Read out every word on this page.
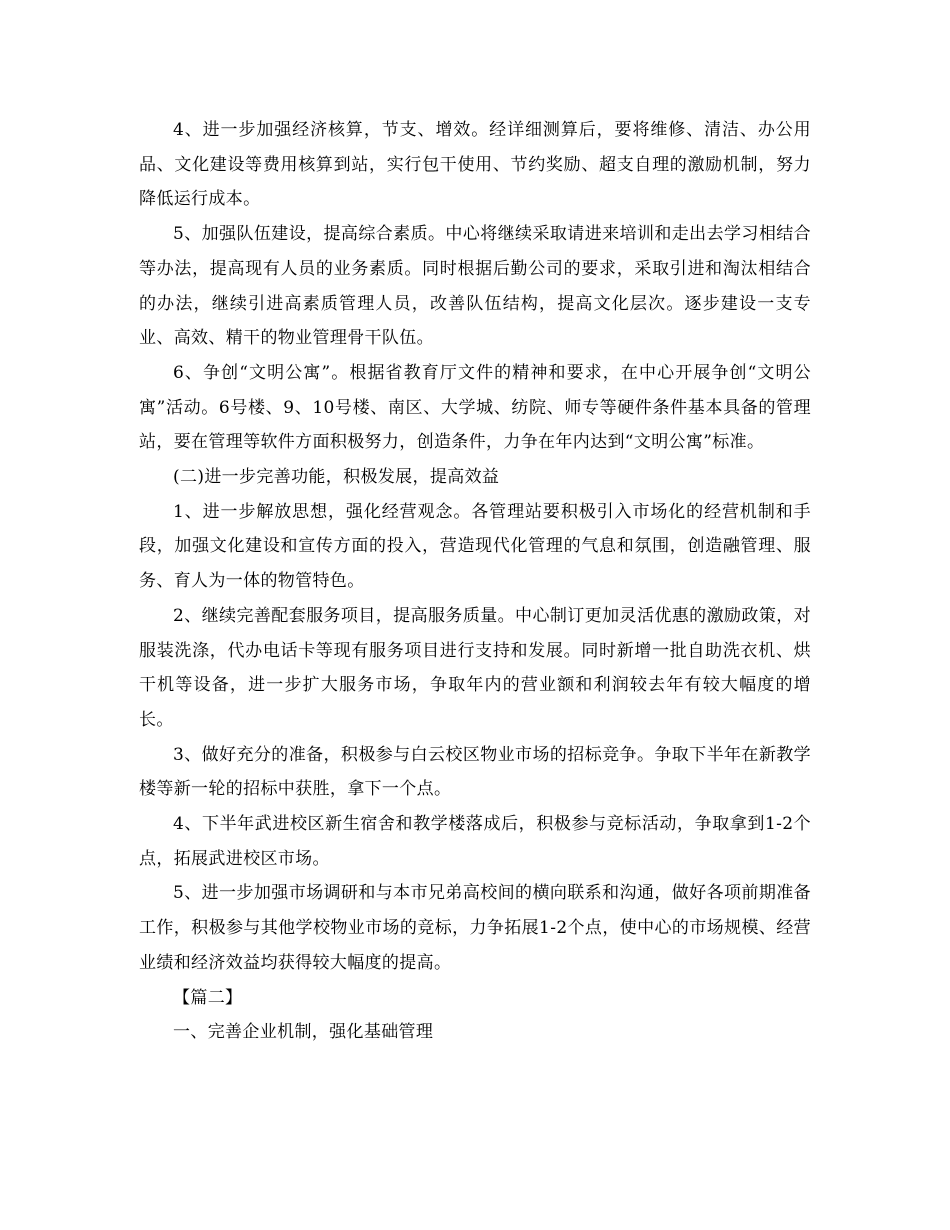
4、进一步加强经济核算，节支、增效。经详细测算后，要将维修、清洁、办公用品、文化建设等费用核算到站，实行包干使用、节约奖励、超支自理的激励机制，努力降低运行成本。

5、加强队伍建设，提高综合素质。中心将继续采取请进来培训和走出去学习相结合等办法，提高现有人员的业务素质。同时根据后勤公司的要求，采取引进和淘汰相结合的办法，继续引进高素质管理人员，改善队伍结构，提高文化层次。逐步建设一支专业、高效、精干的物业管理骨干队伍。

6、争创“文明公寓”。根据省教育厅文件的精神和要求，在中心开展争创“文明公寓”活动。6号楼、9、10号楼、南区、大学城、纺院、师专等硬件条件基本具备的管理站，要在管理等软件方面积极努力，创造条件，力争在年内达到“文明公寓”标准。

(二)进一步完善功能，积极发展，提高效益

1、进一步解放思想，强化经营观念。各管理站要积极引入市场化的经营机制和手段，加强文化建设和宣传方面的投入，营造现代化管理的气息和氛围，创造融管理、服务、育人为一体的物管特色。

2、继续完善配套服务项目，提高服务质量。中心制订更加灵活优惠的激励政策，对服装洗涤，代办电话卡等现有服务项目进行支持和发展。同时新增一批自助洗衣机、烘干机等设备，进一步扩大服务市场，争取年内的营业额和利润较去年有较大幅度的增长。

3、做好充分的准备，积极参与白云校区物业市场的招标竞争。争取下半年在新教学楼等新一轮的招标中获胜，拿下一个点。

4、下半年武进校区新生宿舍和教学楼落成后，积极参与竞标活动，争取拿到1-2个点，拓展武进校区市场。

5、进一步加强市场调研和与本市兄弟高校间的横向联系和沟通，做好各项前期准备工作，积极参与其他学校物业市场的竞标，力争拓展1-2个点，使中心的市场规模、经营业绩和经济效益均获得较大幅度的提高。

【篇二】

一、完善企业机制，强化基础管理
